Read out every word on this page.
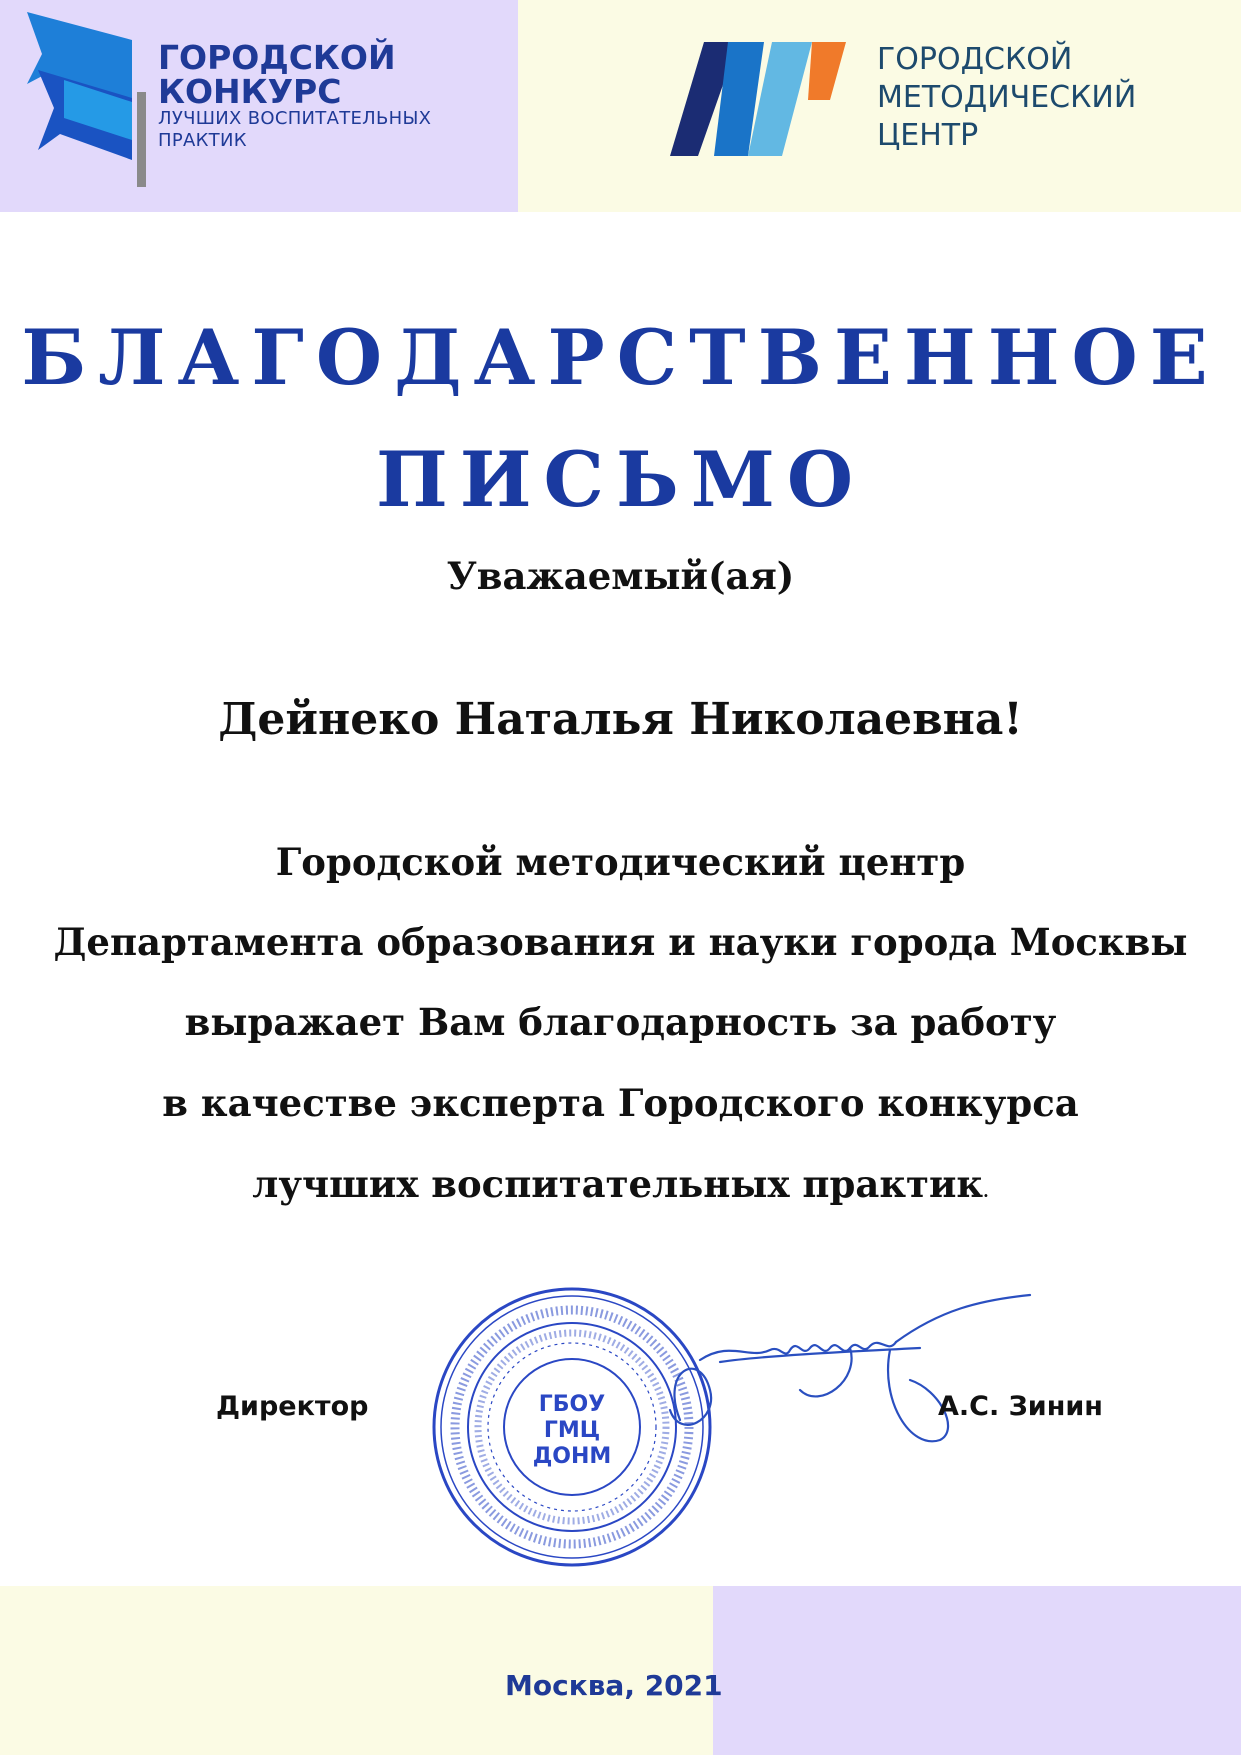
ГОРОДСКОЙ
КОНКУРС
ЛУЧШИХ ВОСПИТАТЕЛЬНЫХ
ПРАКТИК
ГОРОДСКОЙ
МЕТОДИЧЕСКИЙ
ЦЕНТР
БЛАГОДАРСТВЕННОЕ
ПИСЬМО
Уважаемый(ая)
Дейнеко Наталья Николаевна!
Городской методический центр
Департамента образования и науки города Москвы
выражает Вам благодарность за работу
в качестве эксперта Городского конкурса
лучших воспитательных практик.
ГБОУ
ГМЦ
ДОНМ
Директор	А.С. Зинин
Москва, 2021
